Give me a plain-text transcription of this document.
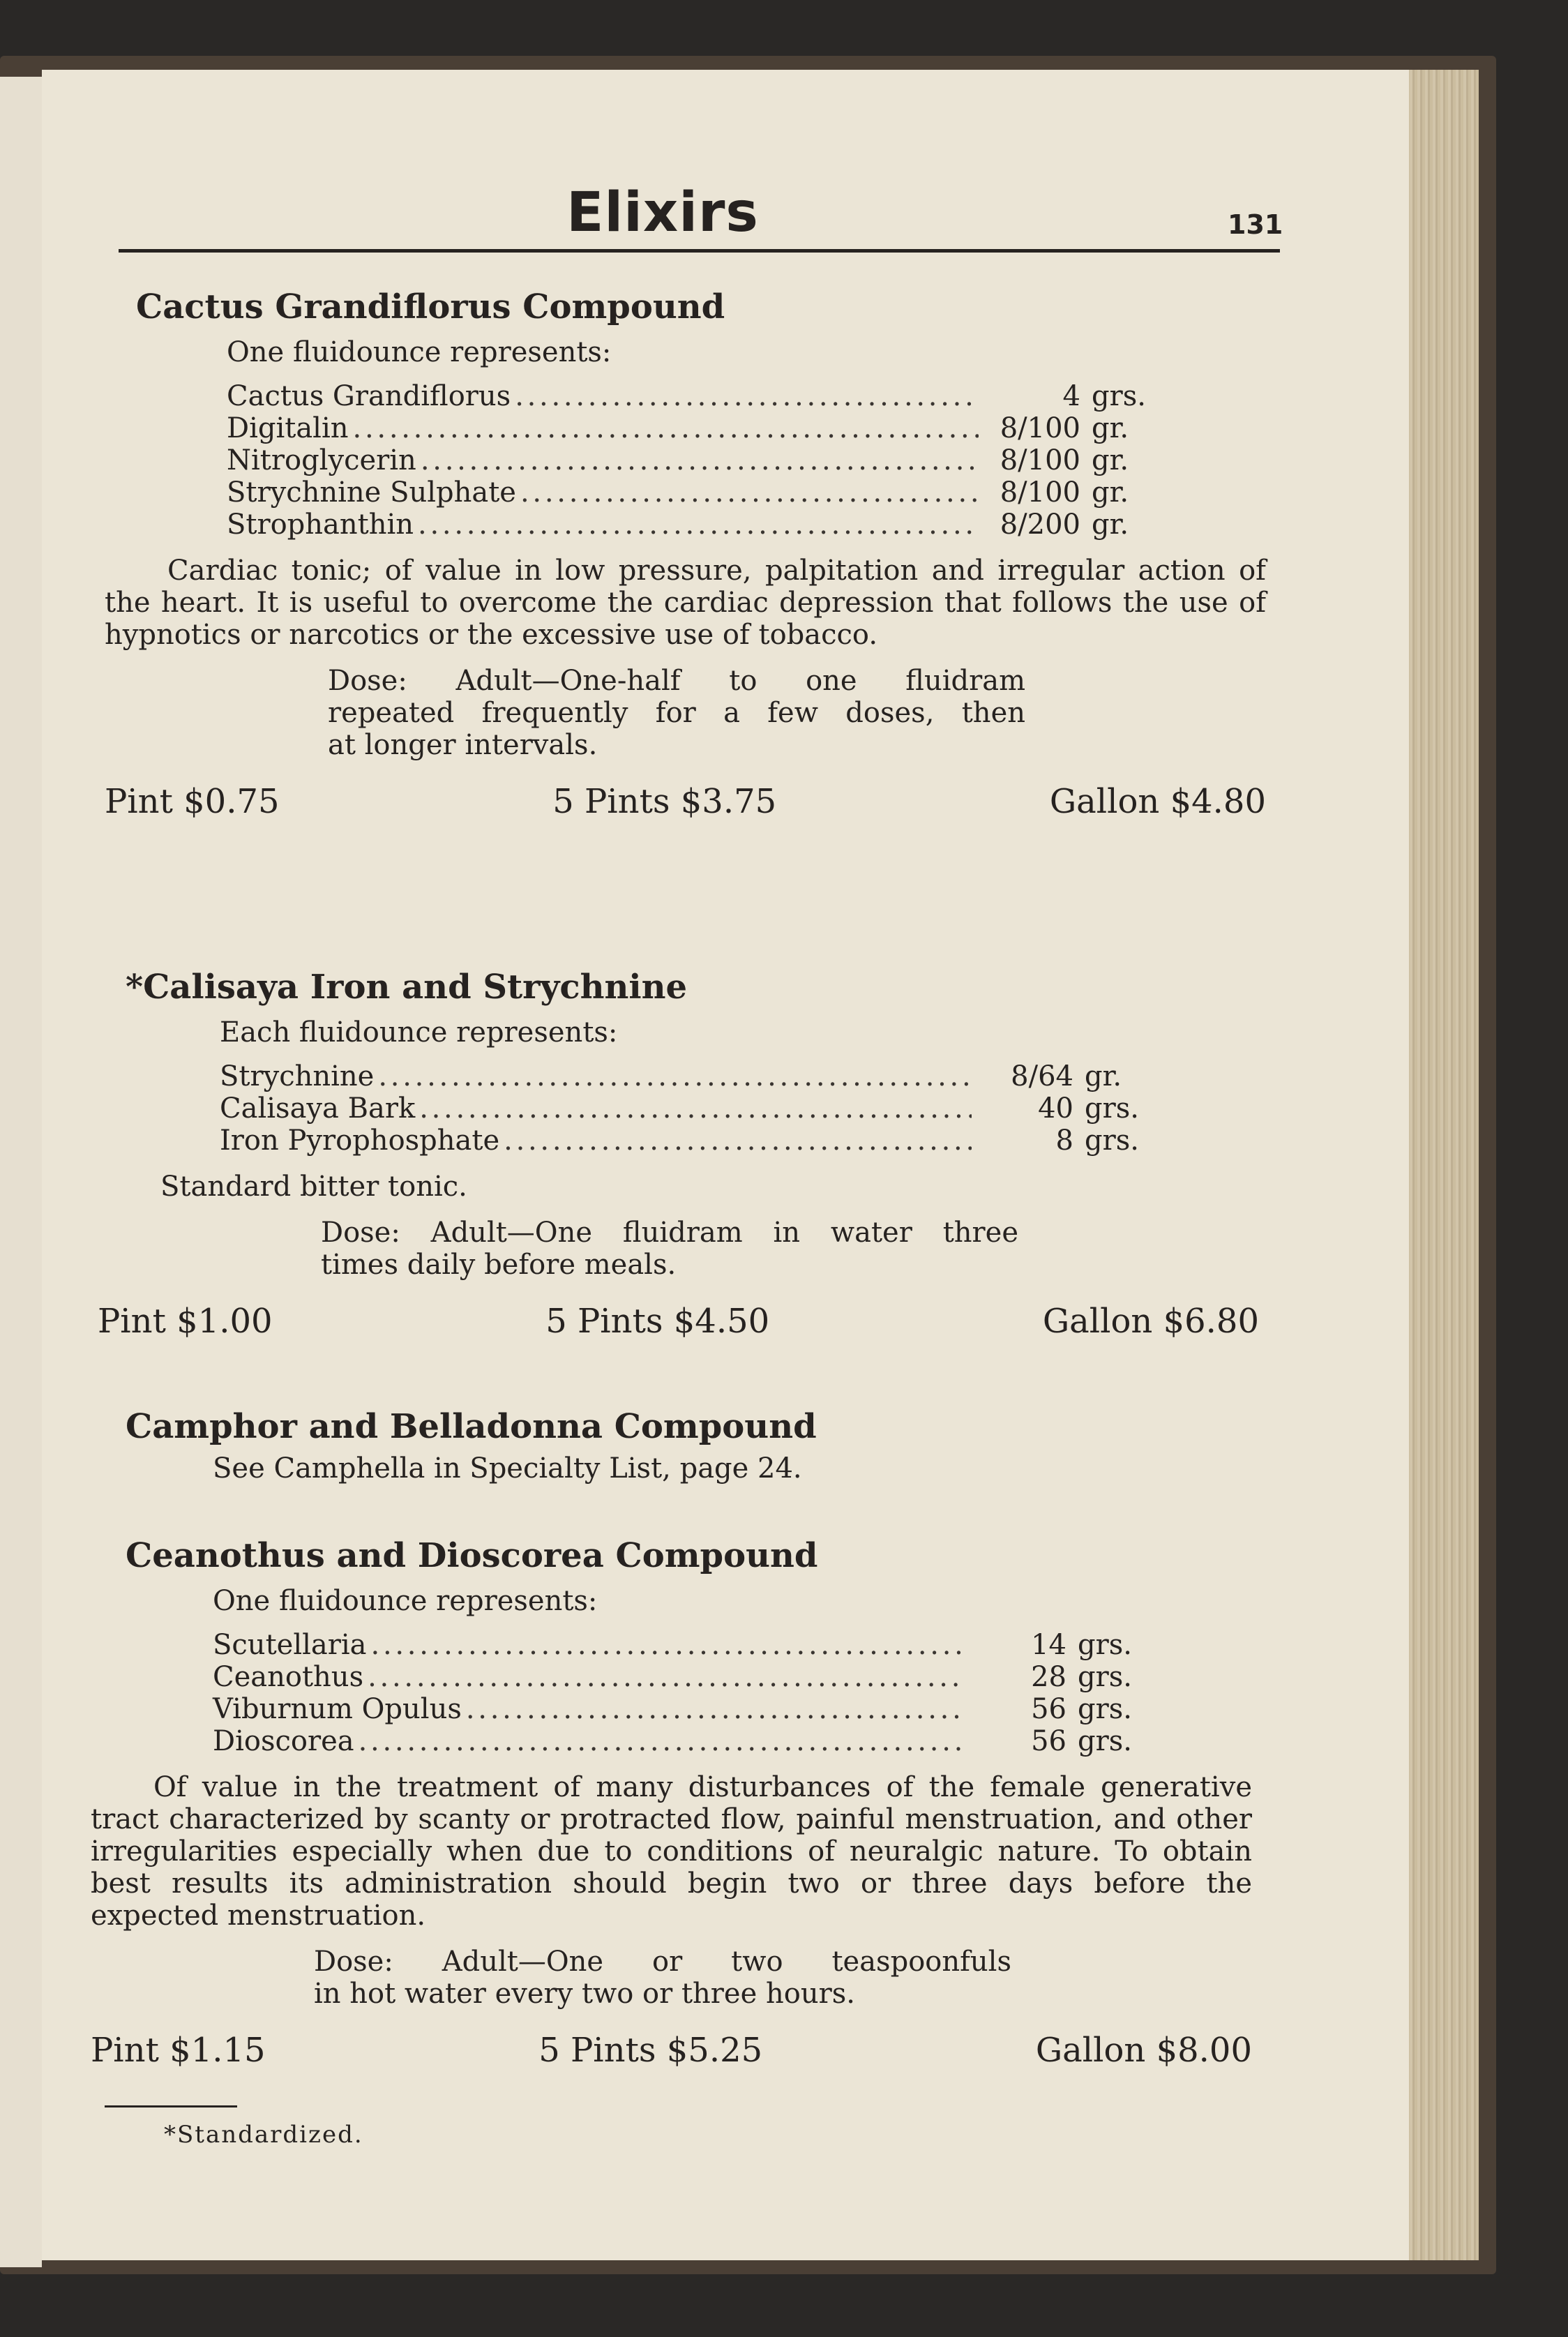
Elixirs	131
Cactus Grandiflorus Compound
One fluidounce represents:
Cactus Grandiflorus . . .	4 grs.
Digitalin . . .	8/100 gr.
Nitroglycerin . . .	8/100 gr.
Strychnine Sulphate . . .	8/100 gr.
Strophanthin . . .	8/200 gr.
Cardiac tonic; of value in low pressure, palpitation and irregular action of the heart. It is useful to overcome the cardiac depression that follows the use of hypnotics or narcotics or the excessive use of tobacco.
Dose: Adult—One-half to one fluidram
repeated frequently for a few doses, then
at longer intervals.
Pint $0.75	5 Pints $3.75	Gallon $4.80
*Calisaya Iron and Strychnine
Each fluidounce represents:
Strychnine . . .	8/64 gr.
Calisaya Bark . . .	40 grs.
Iron Pyrophosphate . . .	8 grs.
Standard bitter tonic.
Dose: Adult—One fluidram in water three
times daily before meals.
Pint $1.00	5 Pints $4.50	Gallon $6.80
Camphor and Belladonna Compound
See Camphella in Specialty List, page 24.
Ceanothus and Dioscorea Compound
One fluidounce represents:
Scutellaria . . .	14 grs.
Ceanothus . . .	28 grs.
Viburnum Opulus . . .	56 grs.
Dioscorea . . .	56 grs.
Of value in the treatment of many disturbances of the female generative tract characterized by scanty or protracted flow, painful menstruation, and other irregularities especially when due to conditions of neuralgic nature. To obtain best results its administration should begin two or three days before the expected menstruation.
Dose: Adult—One or two teaspoonfuls
in hot water every two or three hours.
Pint $1.15	5 Pints $5.25	Gallon $8.00
*Standardized.
